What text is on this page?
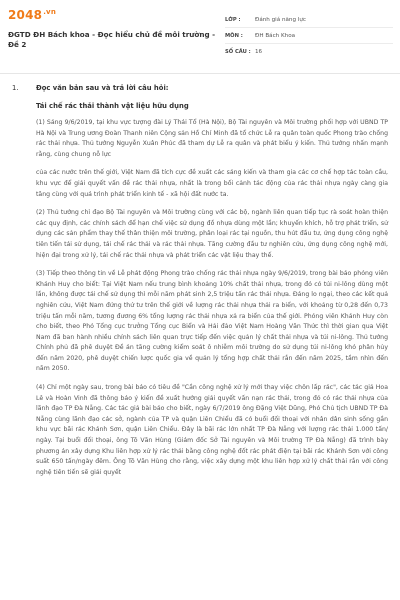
$2048^{.vn}$
ĐGTD ĐH Bách khoa - Đọc hiểu chủ đề môi trường - Đề 2
LỚP :	Đánh giá năng lực
MÔN :	ĐH Bách Khoa
SỐ CÂU : 16
1.	Đọc văn bản sau và trả lời câu hỏi:
Tái chế rác thải thành vật liệu hữu dụng

(1) Sáng 9/6/2019, tại khu vực tượng đài Lý Thái Tổ (Hà Nội), Bộ Tài nguyên và Môi trường phối hợp với UBND TP Hà Nội và Trung ương Đoàn Thanh niên Cộng sản Hồ Chí Minh đã tổ chức Lễ ra quân toàn quốc Phong trào chống rác thải nhựa. Thủ tướng Nguyễn Xuân Phúc đã tham dự Lễ ra quân và phát biểu ý kiến. Thủ tướng nhấn mạnh rằng, cùng chung nỗ lực

của các nước trên thế giới, Việt Nam đã tích cực đề xuất các sáng kiến và tham gia các cơ chế hợp tác toàn cầu, khu vực để giải quyết vấn đề rác thải nhựa, nhất là trong bối cảnh tác động của rác thải nhựa ngày càng gia tăng cùng với quá trình phát triển kinh tế - xã hội đất nước ta.

(2) Thủ tướng chỉ đạo Bộ Tài nguyên và Môi trường cùng với các bộ, ngành liên quan tiếp tục rà soát hoàn thiện các quy định, các chính sách để hạn chế việc sử dụng đồ nhựa dùng một lần; khuyến khích, hỗ trợ phát triển, sử dụng các sản phẩm thay thế thân thiện môi trường, phân loại rác tại nguồn, thu hút đầu tư, ứng dụng công nghệ tiên tiến tái sử dụng, tái chế rác thải và rác thải nhựa. Tăng cường đầu tư nghiên cứu, ứng dụng công nghệ mới, hiện đại trong xử lý, tái chế rác thải nhựa và phát triển các vật liệu thay thế.

(3) Tiếp theo thông tin về Lễ phát động Phong trào chống rác thải nhựa ngày 9/6/2019, trong bài báo phóng viên Khánh Huy cho biết: Tại Việt Nam nếu trung bình khoảng 10% chất thải nhựa, trong đó có túi ni-lông dùng một lần, không được tái chế sử dụng thì mỗi năm phát sinh 2,5 triệu tấn rác thải nhựa. Đáng lo ngại, theo các kết quả nghiên cứu, Việt Nam đứng thứ tư trên thế giới về lượng rác thải nhựa thải ra biển, với khoảng từ 0,28 đến 0,73 triệu tấn mỗi năm, tương đương 6% tổng lượng rác thải nhựa xả ra biển của thế giới. Phóng viên Khánh Huy còn cho biết, theo Phó Tổng cục trưởng Tổng cục Biển và Hải đảo Việt Nam Hoàng Văn Thức thì thời gian qua Việt Nam đã ban hành nhiều chính sách liên quan trực tiếp đến việc quản lý chất thải nhựa và túi ni-lông. Thủ tướng Chính phủ đã phê duyệt Đề án tăng cường kiểm soát ô nhiễm môi trường do sử dụng túi ni-lông khó phân hủy đến năm 2020, phê duyệt chiến lược quốc gia về quản lý tổng hợp chất thải rắn đến năm 2025, tầm nhìn đến năm 2050.

(4) Chỉ một ngày sau, trong bài báo có tiêu đề "Cần công nghệ xử lý mới thay việc chôn lấp rác", các tác giả Hoa Lê và Hoàn Vinh đã thông báo ý kiến đề xuất hướng giải quyết vấn nạn rác thải, trong đó có rác thải nhựa của lãnh đạo TP Đà Nẵng. Các tác giả bài báo cho biết, ngày 6/7/2019 ông Đặng Việt Dũng, Phó Chủ tịch UBND TP Đà Nẵng cùng lãnh đạo các sở, ngành của TP và quận Liên Chiểu đã có buổi đối thoại với nhân dân sinh sống gần khu vực bãi rác Khánh Sơn, quận Liên Chiểu. Đây là bãi rác lớn nhất TP Đà Nẵng với lượng rác thải 1.000 tấn/ ngày. Tại buổi đối thoại, ông Tô Văn Hùng (Giám đốc Sở Tài nguyên và Môi trường TP Đà Nẵng) đã trình bày phương án xây dựng Khu liên hợp xử lý rác thải bằng công nghệ đốt rác phát điện tại bãi rác Khánh Sơn với công suất 650 tấn/ngày đêm. Ông Tô Văn Hùng cho rằng, việc xây dựng một khu liên hợp xử lý chất thải rắn với công nghệ tiên tiến sẽ giải quyết
